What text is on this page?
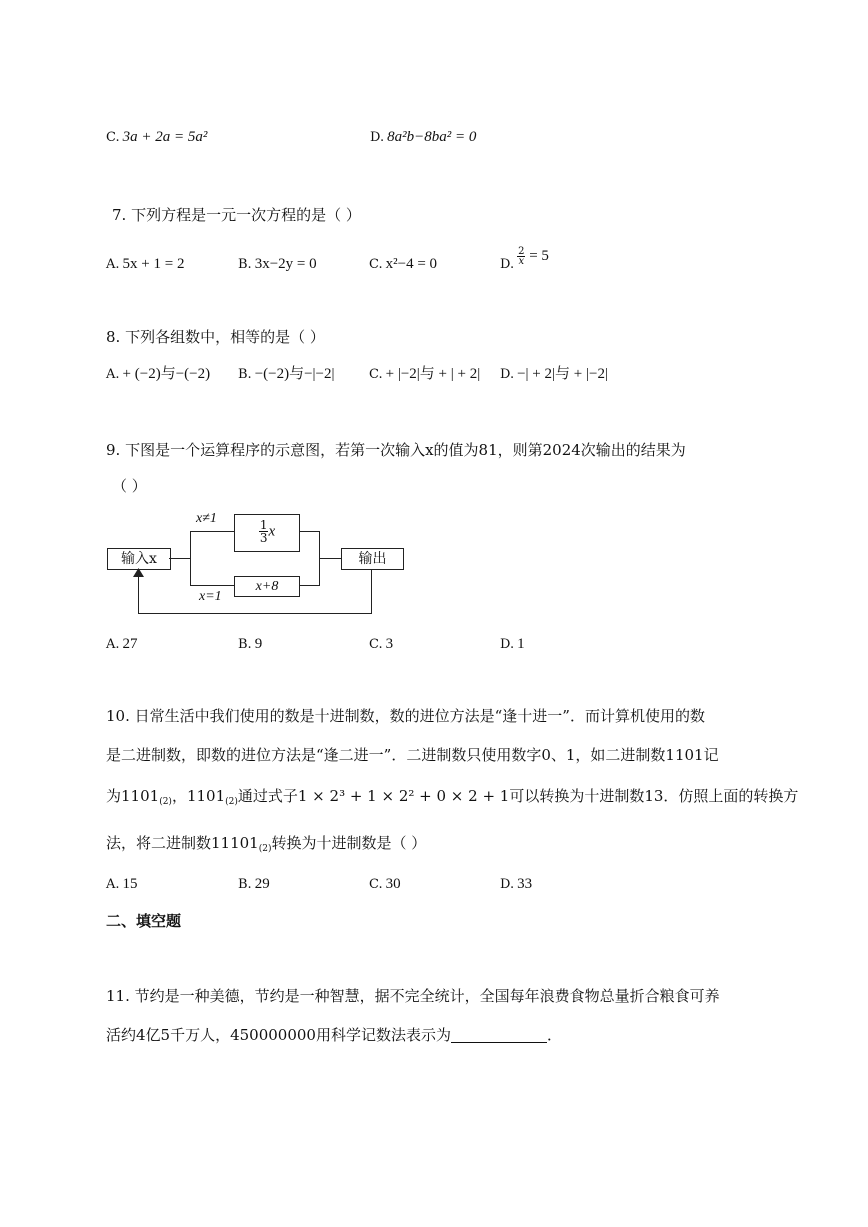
C. 3a + 2a = 5a²	D. 8a²b−8ba² = 0
7. 下列方程是一元一次方程的是（ ）
A. 5x + 1 = 2	B. 3x−2y = 0	C. x²−4 = 0	D. $\frac{2}{x} = 5$
8. 下列各组数中，相等的是（ ）
A. + (−2)与−(−2) B. −(−2)与−|−2|	C. + |−2|与 + | + 2| D. −| + 2|与 + |−2|
9. 下图是一个运算程序的示意图，若第一次输入x的值为81，则第2024次输出的结果为
（ ）
输入x	输出
$\frac{1}{3}$ x
x+8
x≠1
x=1
A. 27	B. 9	C. 3	D. 1
10. 日常生活中我们使用的数是十进制数，数的进位方法是“逢十进一”．而计算机使用的数
是二进制数，即数的进位方法是“逢二进一”．二进制数只使用数字0、1，如二进制数1101记
为$1101_{(2)}$，$1101_{(2)}$通过式子1 × 2³ + 1 × 2² + 0 × 2 + 1可以转换为十进制数13．仿照上面的转换方
法，将二进制数$11101_{(2)}$转换为十进制数是（ ）
A. 15	B. 29	C. 30	D. 33
二、填空题
11. 节约是一种美德，节约是一种智慧，据不完全统计，全国每年浪费食物总量折合粮食可养
活约4亿5千万人，450000000用科学记数法表示为	．
